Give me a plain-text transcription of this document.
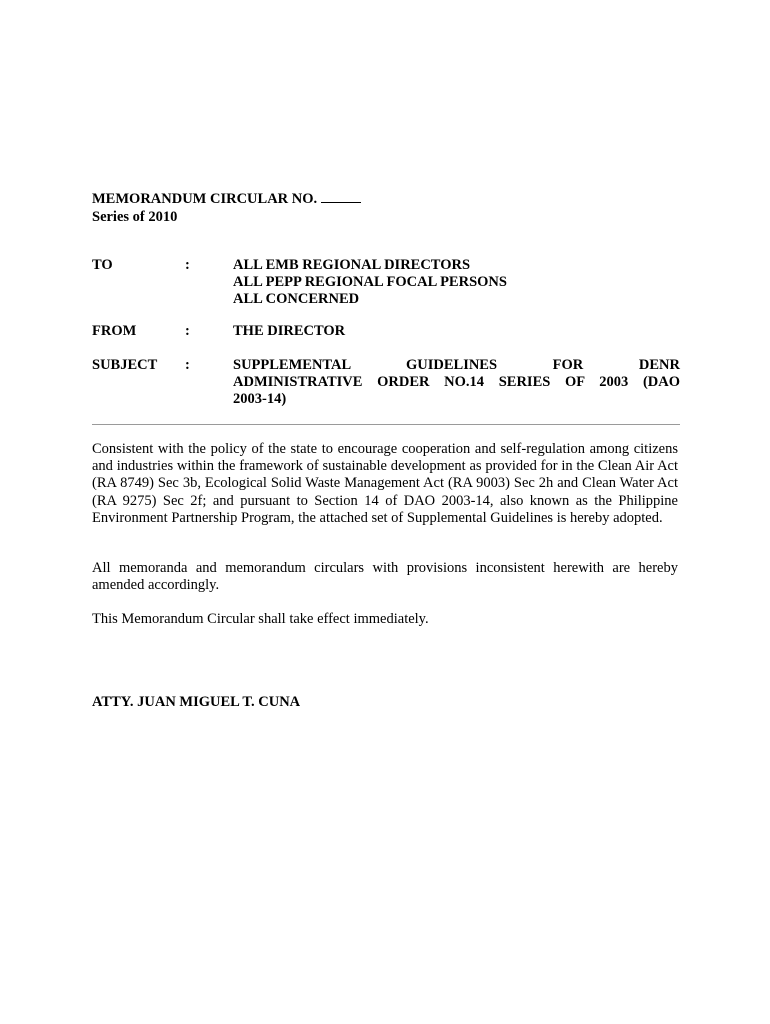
MEMORANDUM CIRCULAR NO.
Series of 2010
TO	:	ALL EMB REGIONAL DIRECTORS
ALL PEPP REGIONAL FOCAL PERSONS
ALL CONCERNED
FROM	:	THE DIRECTOR
SUBJECT :	SUPPLEMENTAL GUIDELINES FOR DENR
ADMINISTRATIVE ORDER NO.14 SERIES OF 2003 (DAO
2003-14)
Consistent with the policy of the state to encourage cooperation and self-regulation among citizens and industries within the framework of sustainable development as provided for in the Clean Air Act (RA 8749) Sec 3b, Ecological Solid Waste Management Act (RA 9003) Sec 2h and Clean Water Act (RA 9275) Sec 2f; and pursuant to Section 14 of DAO 2003-14, also known as the Philippine Environment Partnership Program, the attached set of Supplemental Guidelines is hereby adopted.
All memoranda and memorandum circulars with provisions inconsistent herewith are hereby amended accordingly.
This Memorandum Circular shall take effect immediately.
ATTY. JUAN MIGUEL T. CUNA
